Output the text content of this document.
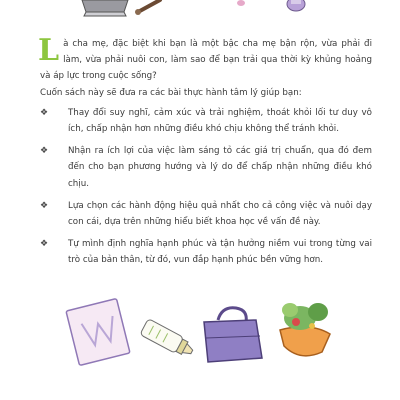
Là cha mẹ, đặc biệt khi bạn là một bậc cha mẹ bận rộn, vừa phải đi làm, vừa phải nuôi con, làm sao để bạn trải qua thời kỳ khủng hoảng và áp lực trong cuộc sống?

Cuốn sách này sẽ đưa ra các bài thực hành tâm lý giúp bạn:

❖ Thay đổi suy nghĩ, cảm xúc và trải nghiệm, thoát khỏi lối tư duy vô ích, chấp nhận hơn những điều khó chịu không thể tránh khỏi.
❖ Nhận ra ích lợi của việc làm sáng tỏ các giá trị chuẩn, qua đó đem đến cho bạn phương hướng và lý do để chấp nhận những điều khó chịu.
❖ Lựa chọn các hành động hiệu quả nhất cho cả công việc và nuôi dạy con cái, dựa trên những hiểu biết khoa học về vấn đề này.
❖ Tự mình định nghĩa hạnh phúc và tận hưởng niềm vui trong từng vai trò của bản thân, từ đó, vun đắp hạnh phúc bền vững hơn.
